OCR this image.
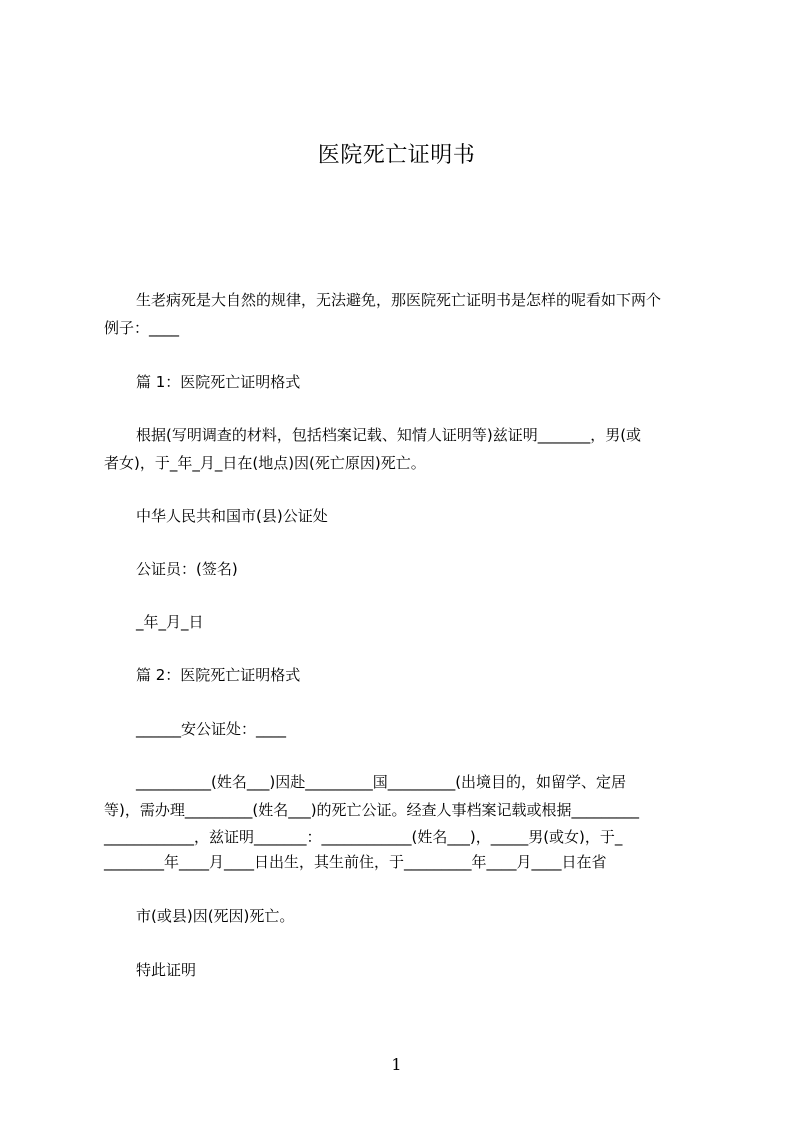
医院死亡证明书
生老病死是大自然的规律，无法避免，那医院死亡证明书是怎样的呢看如下两个
例子：____
篇 1：医院死亡证明格式
根据(写明调查的材料，包括档案记载、知情人证明等)兹证明_______，男(或
者女)，于_年_月_日在(地点)因(死亡原因)死亡。
中华人民共和国市(县)公证处
公证员：(签名)
_年_月_日
篇 2：医院死亡证明格式
______安公证处：____
__________(姓名___)因赴_________国_________(出境目的，如留学、定居
等)，需办理_________(姓名___)的死亡公证。经查人事档案记载或根据_________
____________，兹证明_______：____________(姓名___)，_____男(或女)，于_
________年____月____日出生，其生前住，于_________年____月____日在省
市(或县)因(死因)死亡。
特此证明
1
